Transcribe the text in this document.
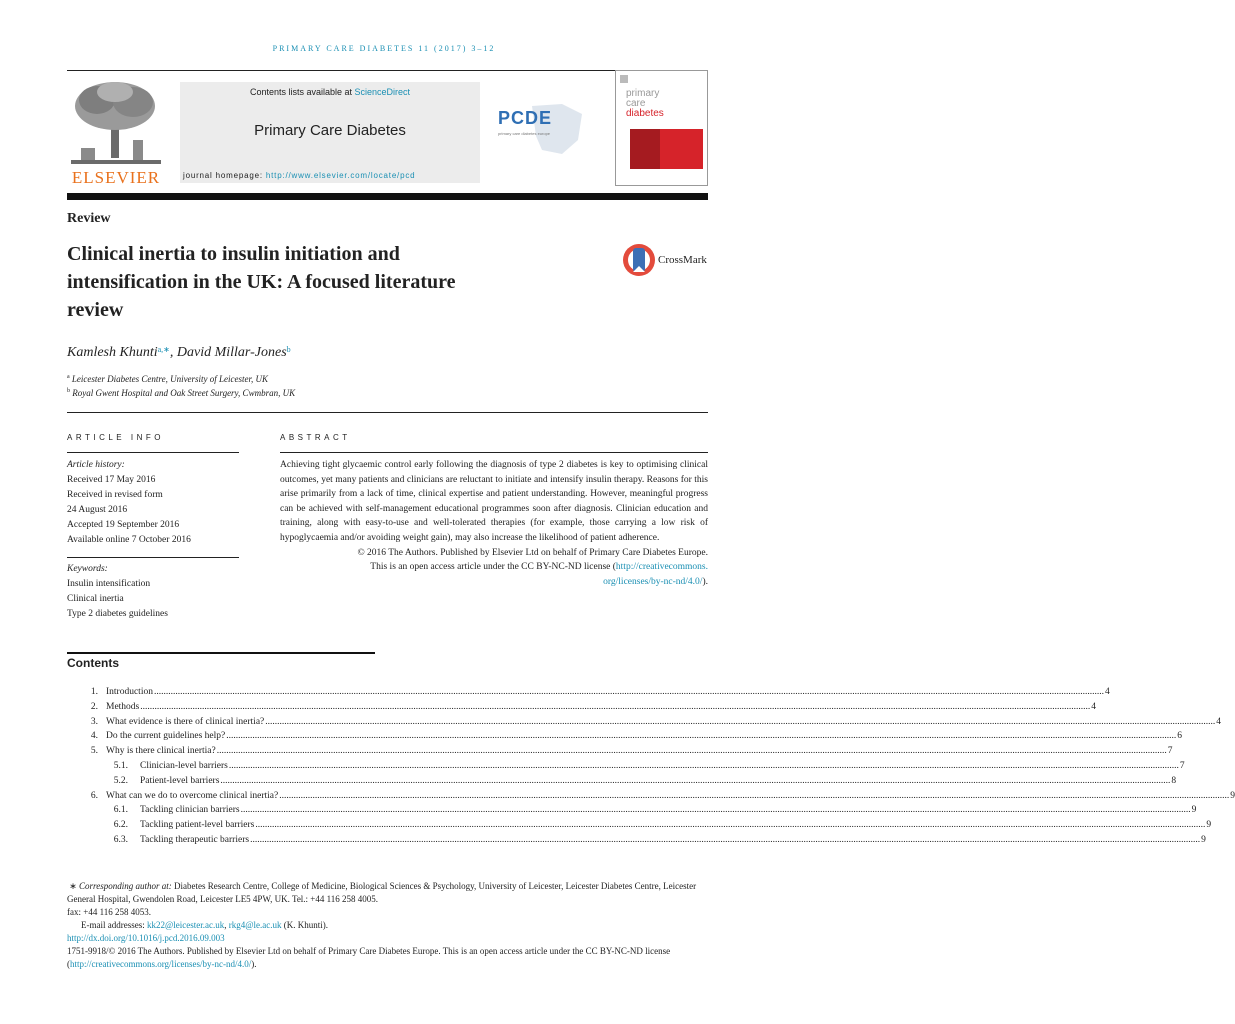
PRIMARY CARE DIABETES 11 (2017) 3–12
ELSEVIER
Contents lists available at ScienceDirect
Primary Care Diabetes
journal homepage: http://www.elsevier.com/locate/pcd
PCDE
primary care diabetes europe
primary
care
diabetes
Review
Clinical inertia to insulin initiation and
intensification in the UK: A focused literature
review
CrossMark
Kamlesh Khunti$^{a,∗}$, David Millar-Jones$^b$
$^a$ Leicester Diabetes Centre, University of Leicester, UK
$^b$ Royal Gwent Hospital and Oak Street Surgery, Cwmbran, UK
ARTICLE INFO
Article history:
Received 17 May 2016
Received in revised form
24 August 2016
Accepted 19 September 2016
Available online 7 October 2016
Keywords:
Insulin intensification
Clinical inertia
Type 2 diabetes guidelines
ABSTRACT
Achieving tight glycaemic control early following the diagnosis of type 2 diabetes is key to optimising clinical outcomes, yet many patients and clinicians are reluctant to initiate and intensify insulin therapy. Reasons for this arise primarily from a lack of time, clinical expertise and patient understanding. However, meaningful progress can be achieved with self-management educational programmes soon after diagnosis. Clinician education and training, along with easy-to-use and well-tolerated therapies (for example, those carrying a low risk of hypoglycaemia and/or avoiding weight gain), may also increase the likelihood of patient adherence.
© 2016 The Authors. Published by Elsevier Ltd on behalf of Primary Care Diabetes Europe.
This is an open access article under the CC BY-NC-ND license (http://creativecommons.
org/licenses/by-nc-nd/4.0/).
Contents
1. Introduction ................................................................................................................................................................................................................................................................................................................................................................................................................ 4
2. Methods ................................................................................................................................................................................................................................................................................................................................................................................................................ 4
3. What evidence is there of clinical inertia? ................................................................................................................................................................................................................................................................................................................................................................................................................ 4
4. Do the current guidelines help? ................................................................................................................................................................................................................................................................................................................................................................................................................ 6
5. Why is there clinical inertia? ................................................................................................................................................................................................................................................................................................................................................................................................................ 7
5.1. Clinician-level barriers ................................................................................................................................................................................................................................................................................................................................................................................................................ 7
5.2. Patient-level barriers ................................................................................................................................................................................................................................................................................................................................................................................................................ 8
6. What can we do to overcome clinical inertia? ................................................................................................................................................................................................................................................................................................................................................................................................................ 9
6.1. Tackling clinician barriers ................................................................................................................................................................................................................................................................................................................................................................................................................ 9
6.2. Tackling patient-level barriers ................................................................................................................................................................................................................................................................................................................................................................................................................ 9
6.3. Tackling therapeutic barriers ................................................................................................................................................................................................................................................................................................................................................................................................................ 9

∗ Corresponding author at: Diabetes Research Centre, College of Medicine, Biological Sciences & Psychology, University of Leicester, Leicester Diabetes Centre, Leicester General Hospital, Gwendolen Road, Leicester LE5 4PW, UK. Tel.: +44 116 258 4005.

fax: +44 116 258 4053.

E-mail addresses: kk22@leicester.ac.uk, rkg4@le.ac.uk (K. Khunti).

http://dx.doi.org/10.1016/j.pcd.2016.09.003

1751-9918/© 2016 The Authors. Published by Elsevier Ltd on behalf of Primary Care Diabetes Europe. This is an open access article under the CC BY-NC-ND license (http://creativecommons.org/licenses/by-nc-nd/4.0/).
